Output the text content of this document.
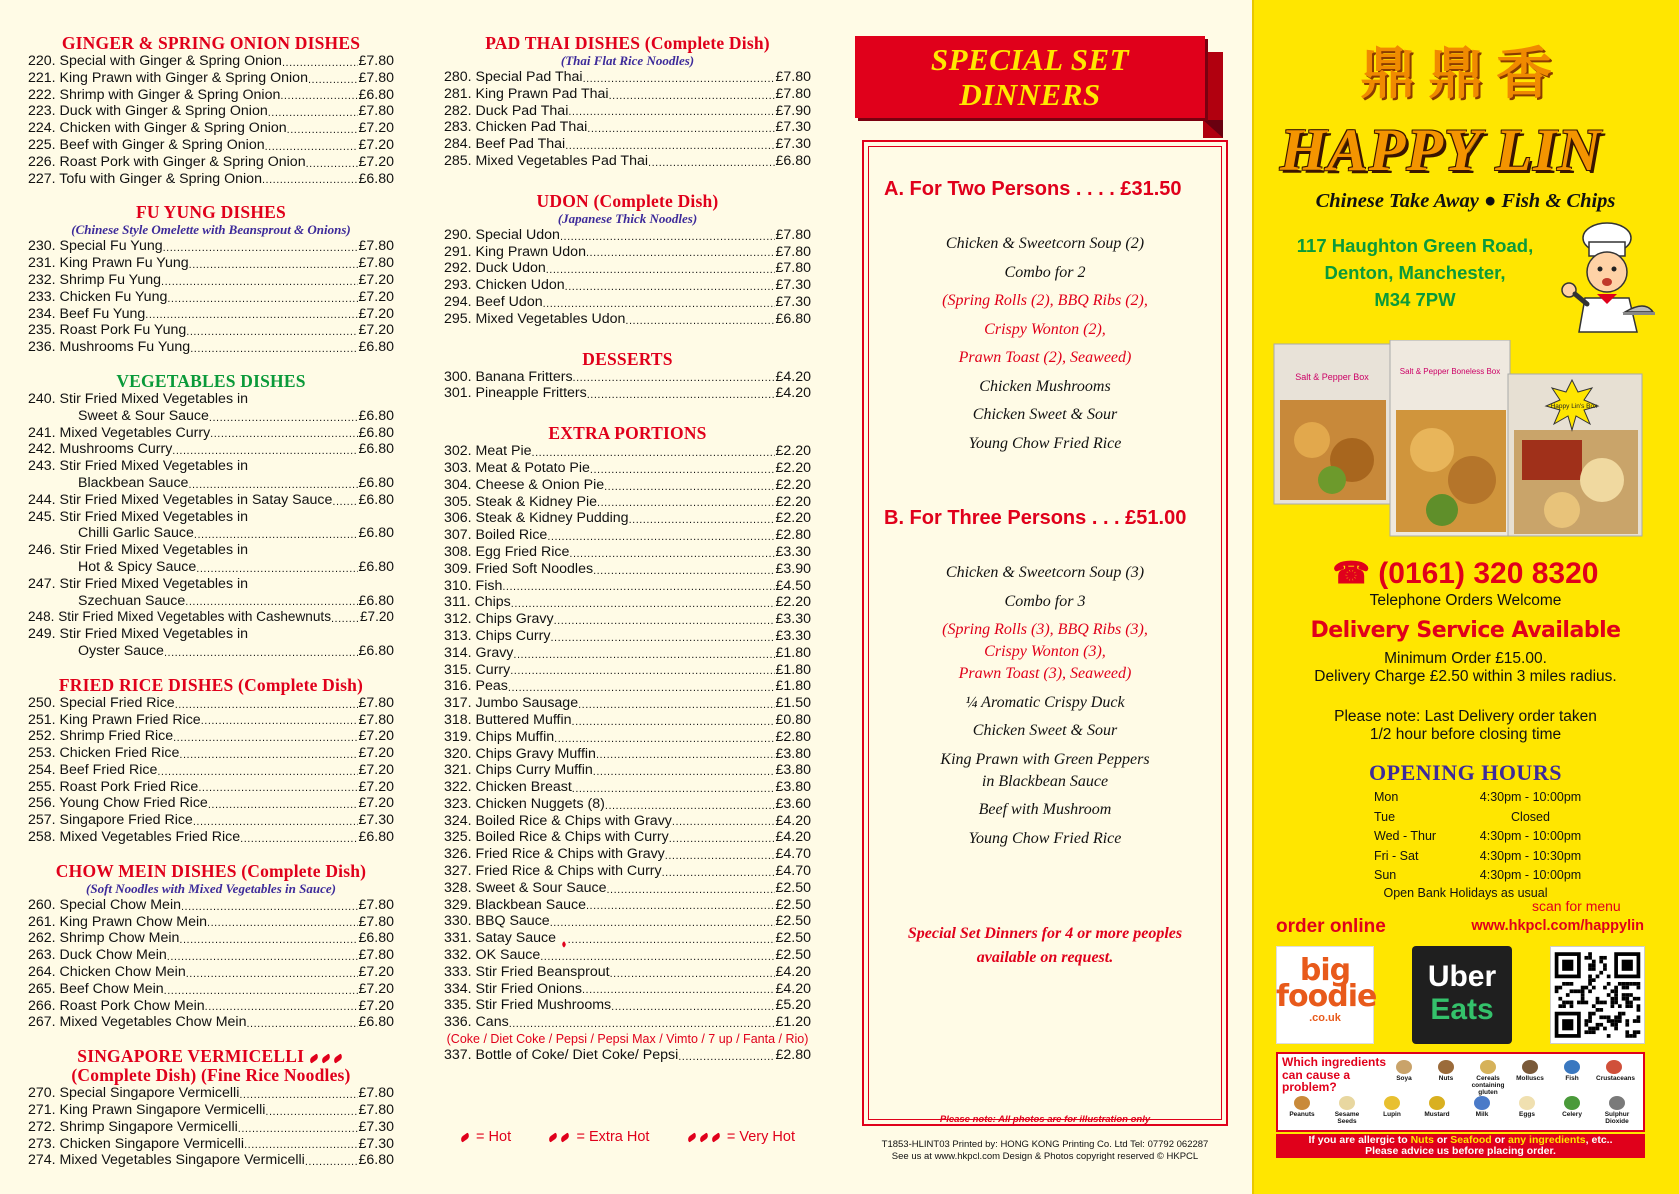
GINGER & SPRING ONION DISHES
220. Special with Ginger & Spring Onion .....	£7.80
221. King Prawn with Ginger & Spring Onion .....	£7.80
222. Shrimp with Ginger & Spring Onion .....	£6.80
223. Duck with Ginger & Spring Onion .....	£7.80
224. Chicken with Ginger & Spring Onion .....	£7.20
225. Beef with Ginger & Spring Onion .....	£7.20
226. Roast Pork with Ginger & Spring Onion .....	£7.20
227. Tofu with Ginger & Spring Onion .....	£6.80
FU YUNG DISHES
(Chinese Style Omelette with Beansprout & Onions)
230. Special Fu Yung .....	£7.80
231. King Prawn Fu Yung .....	£7.80
232. Shrimp Fu Yung .....	£7.20
233. Chicken Fu Yung .....	£7.20
234. Beef Fu Yung .....	£7.20
235. Roast Pork Fu Yung .....	£7.20
236. Mushrooms Fu Yung .....	£6.80
VEGETABLES DISHES
240. Stir Fried Mixed Vegetables in
Sweet & Sour Sauce .....	£6.80
241. Mixed Vegetables Curry .....	£6.80
242. Mushrooms Curry .....	£6.80
243. Stir Fried Mixed Vegetables in
Blackbean Sauce .....	£6.80
244. Stir Fried Mixed Vegetables in Satay Sauce ..... £6.80
245. Stir Fried Mixed Vegetables in
Chilli Garlic Sauce .....	£6.80
246. Stir Fried Mixed Vegetables in
Hot & Spicy Sauce .....	£6.80
247. Stir Fried Mixed Vegetables in
Szechuan Sauce .....	£6.80
248. Stir Fried Mixed Vegetables with Cashewnuts ..... £7.20
249. Stir Fried Mixed Vegetables in
Oyster Sauce .....	£6.80
FRIED RICE DISHES (Complete Dish)
250. Special Fried Rice .....	£7.80
251. King Prawn Fried Rice .....	£7.80
252. Shrimp Fried Rice .....	£7.20
253. Chicken Fried Rice .....	£7.20
254. Beef Fried Rice .....	£7.20
255. Roast Pork Fried Rice .....	£7.20
256. Young Chow Fried Rice .....	£7.20
257. Singapore Fried Rice .....	£7.30
258. Mixed Vegetables Fried Rice .....	£6.80
CHOW MEIN DISHES (Complete Dish)
(Soft Noodles with Mixed Vegetables in Sauce)
260. Special Chow Mein .....	£7.80
261. King Prawn Chow Mein .....	£7.80
262. Shrimp Chow Mein .....	£6.80
263. Duck Chow Mein .....	£7.80
264. Chicken Chow Mein .....	£7.20
265. Beef Chow Mein .....	£7.20
266. Roast Pork Chow Mein .....	£7.20
267. Mixed Vegetables Chow Mein .....	£6.80
SINGAPORE VERMICELLI
(Complete Dish) (Fine Rice Noodles)
270. Special Singapore Vermicelli .....	£7.80
271. King Prawn Singapore Vermicelli .....	£7.80
272. Shrimp Singapore Vermicelli .....	£7.30
273. Chicken Singapore Vermicelli .....	£7.30
274. Mixed Vegetables Singapore Vermicelli .....	£6.80
PAD THAI DISHES (Complete Dish)
(Thai Flat Rice Noodles)
280. Special Pad Thai .....	£7.80
281. King Prawn Pad Thai .....	£7.80
282. Duck Pad Thai .....	£7.90
283. Chicken Pad Thai .....	£7.30
284. Beef Pad Thai .....	£7.30
285. Mixed Vegetables Pad Thai .....	£6.80
UDON (Complete Dish)
(Japanese Thick Noodles)
290. Special Udon .....	£7.80
291. King Prawn Udon .....	£7.80
292. Duck Udon .....	£7.80
293. Chicken Udon .....	£7.30
294. Beef Udon .....	£7.30
295. Mixed Vegetables Udon .....	£6.80
DESSERTS
300. Banana Fritters .....	£4.20
301. Pineapple Fritters .....	£4.20
EXTRA PORTIONS
302. Meat Pie .....	£2.20
303. Meat & Potato Pie .....	£2.20
304. Cheese & Onion Pie .....	£2.20
305. Steak & Kidney Pie .....	£2.20
306. Steak & Kidney Pudding .....	£2.20
307. Boiled Rice .....	£2.80
308. Egg Fried Rice .....	£3.30
309. Fried Soft Noodles .....	£3.90
310. Fish .....	£4.50
311. Chips .....	£2.20
312. Chips Gravy .....	£3.30
313. Chips Curry .....	£3.30
314. Gravy .....	£1.80
315. Curry .....	£1.80
316. Peas .....	£1.80
317. Jumbo Sausage .....	£1.50
318. Buttered Muffin .....	£0.80
319. Chips Muffin .....	£2.80
320. Chips Gravy Muffin .....	£3.80
321. Chips Curry Muffin .....	£3.80
322. Chicken Breast .....	£3.80
323. Chicken Nuggets (8) .....	£3.60
324. Boiled Rice & Chips with Gravy .....	£4.20
325. Boiled Rice & Chips with Curry .....	£4.20
326. Fried Rice & Chips with Gravy .....	£4.70
327. Fried Rice & Chips with Curry .....	£4.70
328. Sweet & Sour Sauce .....	£2.50
329. Blackbean Sauce .....	£2.50
330. BBQ Sauce .....	£2.50
331. Satay Sauce .....	£2.50
332. OK Sauce .....	£2.50
333. Stir Fried Beansprout .....	£4.20
334. Stir Fried Onions .....	£4.20
335. Stir Fried Mushrooms .....	£5.20
336. Cans .....	£1.20
(Coke / Diet Coke / Pepsi / Pepsi Max / Vimto / 7 up / Fanta / Rio)
337. Bottle of Coke/ Diet Coke/ Pepsi .....	£2.80
= Hot	= Extra Hot	= Very Hot
SPECIAL SET
DINNERS
A. For Two Persons . . . . £31.50
Chicken & Sweetcorn Soup (2)
Combo for 2
(Spring Rolls (2), BBQ Ribs (2),
Crispy Wonton (2),
Prawn Toast (2), Seaweed)
Chicken Mushrooms
Chicken Sweet & Sour
Young Chow Fried Rice
B. For Three Persons . . . £51.00
Chicken & Sweetcorn Soup (3)
Combo for 3
(Spring Rolls (3), BBQ Ribs (3),
Crispy Wonton (3),
Prawn Toast (3), Seaweed)
¼ Aromatic Crispy Duck
Chicken Sweet & Sour
King Prawn with Green Peppers
in Blackbean Sauce
Beef with Mushroom
Young Chow Fried Rice
Special Set Dinners for 4 or more peoples
available on request.
Please note: All photos are for illustration only
T1853-HLINT03 Printed by: HONG KONG Printing Co. Ltd Tel: 07792 062287
See us at www.hkpcl.com Design & Photos copyright reserved © HKPCL
鼎鼎香
HAPPY LIN
Chinese Take Away ● Fish & Chips
117 Haughton Green Road,
Denton, Manchester,
M34 7PW
Salt & Pepper Box
Salt & Pepper Boneless Box
Happy Lin's Box
☎ (0161) 320 8320
Telephone Orders Welcome
Delivery Service Available
Minimum Order £15.00.
Delivery Charge £2.50 within 3 miles radius.
Please note: Last Delivery order taken
1/2 hour before closing time
OPENING HOURS
Mon	4:30pm - 10:00pm
Tue	Closed
Wed - Thur	4:30pm - 10:00pm
Fri - Sat	4:30pm - 10:30pm
Sun	4:30pm - 10:00pm
Open Bank Holidays as usual
scan for menu
order online	www.hkpcl.com/happylin
big
foodie
.co.uk
Uber
Eats
Which ingredients can cause a problem?
Soya	Nuts	Cereals containing gluten
Molluscs	Fish	Crustaceans
Peanuts	Sesame Seeds
Lupin	Mustard	Milk	Eggs	Celery	Sulphur Dioxide
If you are allergic to Nuts or Seafood or any ingredients, etc..
Please advice us before placing order.
